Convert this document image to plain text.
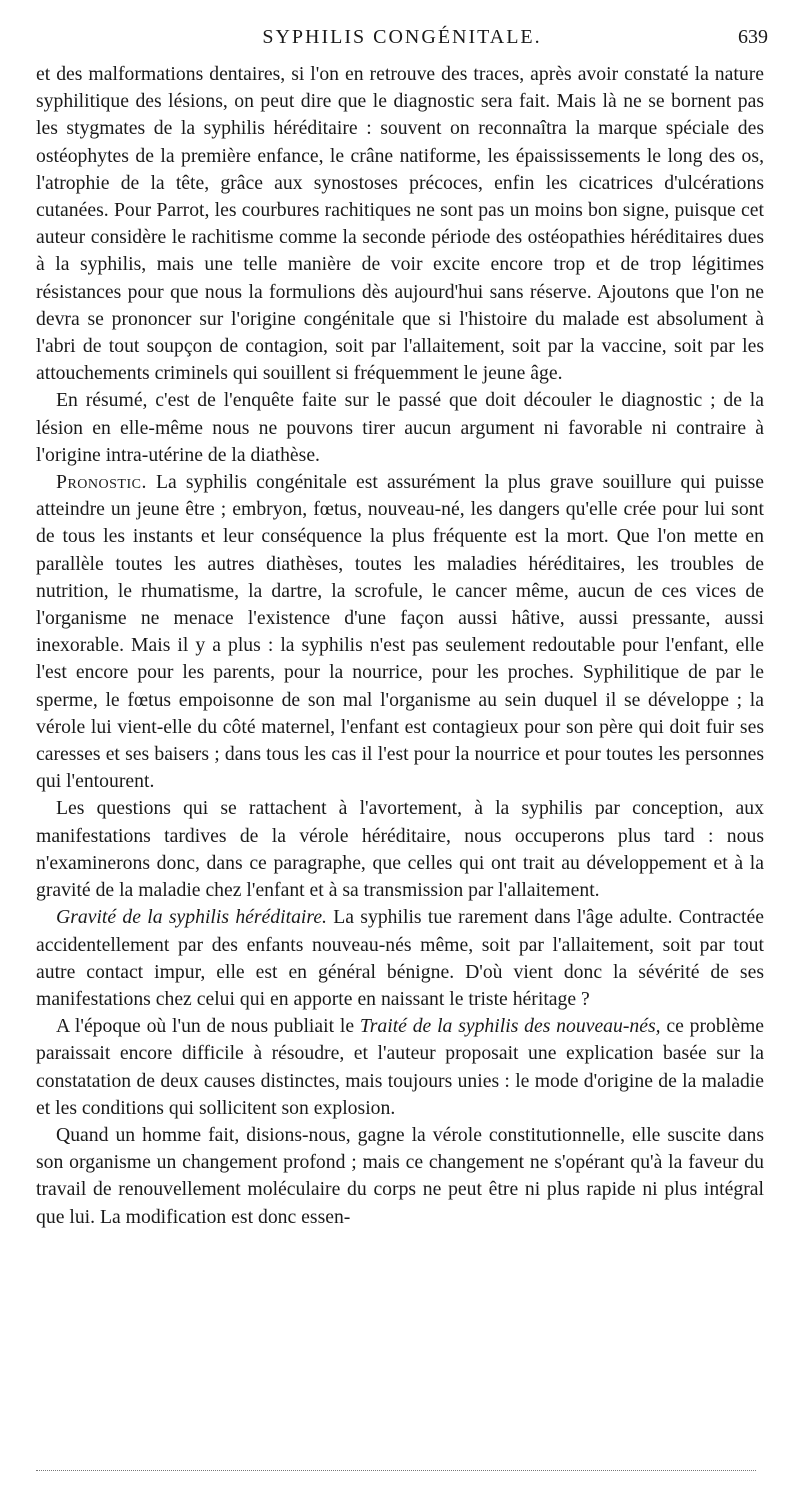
SYPHILIS CONGÉNITALE.	639

et des malformations dentaires, si l'on en retrouve des traces, après avoir constaté la nature syphilitique des lésions, on peut dire que le diagnostic sera fait. Mais là ne se bornent pas les stygmates de la syphilis héréditaire : souvent on reconnaîtra la marque spéciale des ostéophytes de la première enfance, le crâne natiforme, les épaississements le long des os, l'atrophie de la tête, grâce aux synostoses précoces, enfin les cicatrices d'ulcérations cutanées. Pour Parrot, les courbures rachitiques ne sont pas un moins bon signe, puisque cet auteur considère le rachitisme comme la seconde période des ostéopathies héréditaires dues à la syphilis, mais une telle manière de voir excite encore trop et de trop légitimes résistances pour que nous la formulions dès aujourd'hui sans réserve. Ajoutons que l'on ne devra se prononcer sur l'origine congénitale que si l'histoire du malade est absolument à l'abri de tout soupçon de contagion, soit par l'allaitement, soit par la vaccine, soit par les attouchements criminels qui souillent si fréquemment le jeune âge.

En résumé, c'est de l'enquête faite sur le passé que doit découler le diagnostic ; de la lésion en elle-même nous ne pouvons tirer aucun argument ni favorable ni contraire à l'origine intra-utérine de la diathèse.

Pronostic. La syphilis congénitale est assurément la plus grave souillure qui puisse atteindre un jeune être ; embryon, fœtus, nouveau-né, les dangers qu'elle crée pour lui sont de tous les instants et leur conséquence la plus fréquente est la mort. Que l'on mette en parallèle toutes les autres diathèses, toutes les maladies héréditaires, les troubles de nutrition, le rhumatisme, la dartre, la scrofule, le cancer même, aucun de ces vices de l'organisme ne menace l'existence d'une façon aussi hâtive, aussi pressante, aussi inexorable. Mais il y a plus : la syphilis n'est pas seulement redoutable pour l'enfant, elle l'est encore pour les parents, pour la nourrice, pour les proches. Syphilitique de par le sperme, le fœtus empoisonne de son mal l'organisme au sein duquel il se développe ; la vérole lui vient-elle du côté maternel, l'enfant est contagieux pour son père qui doit fuir ses caresses et ses baisers ; dans tous les cas il l'est pour la nourrice et pour toutes les personnes qui l'entourent.

Les questions qui se rattachent à l'avortement, à la syphilis par conception, aux manifestations tardives de la vérole héréditaire, nous occuperons plus tard : nous n'examinerons donc, dans ce paragraphe, que celles qui ont trait au développement et à la gravité de la maladie chez l'enfant et à sa transmission par l'allaitement.

Gravité de la syphilis héréditaire. La syphilis tue rarement dans l'âge adulte. Contractée accidentellement par des enfants nouveau-nés même, soit par l'allaitement, soit par tout autre contact impur, elle est en général bénigne. D'où vient donc la sévérité de ses manifestations chez celui qui en apporte en naissant le triste héritage ?

A l'époque où l'un de nous publiait le Traité de la syphilis des nouveau-nés, ce problème paraissait encore difficile à résoudre, et l'auteur proposait une explication basée sur la constatation de deux causes distinctes, mais toujours unies : le mode d'origine de la maladie et les conditions qui sollicitent son explosion.

Quand un homme fait, disions-nous, gagne la vérole constitutionnelle, elle suscite dans son organisme un changement profond ; mais ce changement ne s'opérant qu'à la faveur du travail de renouvellement moléculaire du corps ne peut être ni plus rapide ni plus intégral que lui. La modification est donc essen-
